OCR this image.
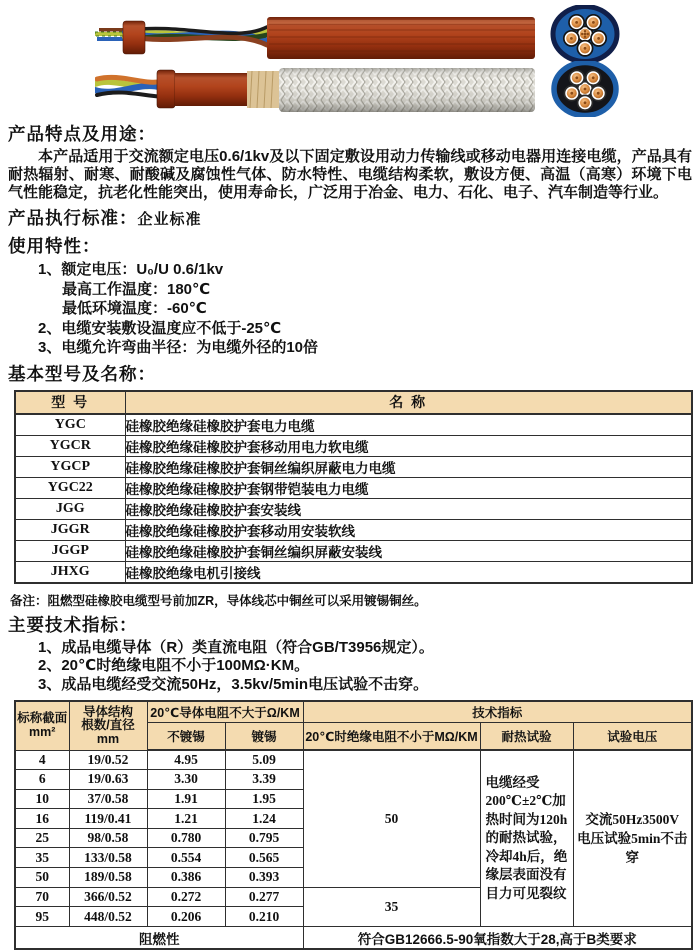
产品特点及用途：
本产品适用于交流额定电压0.6/1kv及以下固定敷设用动力传输线或移动电器用连接电缆，产品具有耐热辐射、耐寒、耐酸碱及腐蚀性气体、防水特性、电缆结构柔软，敷设方便、高温（高寒）环境下电气性能稳定，抗老化性能突出，使用寿命长，广泛用于冶金、电力、石化、电子、汽车制造等行业。
产品执行标准：企业标准
使用特性：
1、额定电压：U₀/U 0.6/1kv
最高工作温度：180℃
最低环境温度：-60℃
2、电缆安装敷设温度应不低于-25℃
3、电缆允许弯曲半径：为电缆外径的10倍
基本型号及名称：
型 号	名 称
YGC	硅橡胶绝缘硅橡胶护套电力电缆
YGCR	硅橡胶绝缘硅橡胶护套移动用电力软电缆
YGCP	硅橡胶绝缘硅橡胶护套铜丝编织屏蔽电力电缆
YGC22	硅橡胶绝缘硅橡胶护套钢带铠装电力电缆
JGG	硅橡胶绝缘硅橡胶护套安装线
JGGR	硅橡胶绝缘硅橡胶护套移动用安装软线
JGGP	硅橡胶绝缘硅橡胶护套铜丝编织屏蔽安装线
JHXG	硅橡胶绝缘电机引接线
备注：阻燃型硅橡胶电缆型号前加ZR，导体线芯中铜丝可以采用镀锡铜丝。
主要技术指标：
1、成品电缆导体（R）类直流电阻（符合GB/T3956规定）。
2、20℃时绝缘电阻不小于100MΩ·KM。
3、成品电缆经受交流50Hz，3.5kv/5min电压试验不击穿。
标称截面
mm²	导体结构
根数/直径
mm	20℃导体电阻不大于Ω/KM		技术指标		
		不镀锡	镀锡	20℃时绝缘电阻不小于MΩ/KM	耐热试验	试验电压
4	19/0.52	4.95	5.09	50	电缆经受200℃±2℃加热时间为120h的耐热试验，冷却4h后，绝缘层表面没有目力可见裂纹	交流50Hz3500V
电压试验5min不击穿
6	19/0.63	3.30	3.39			
10	37/0.58	1.91	1.95			
16	119/0.41	1.21	1.24			
25	98/0.58	0.780	0.795			
35	133/0.58	0.554	0.565			
50	189/0.58	0.386	0.393			
70	366/0.52	0.272	0.277	35		
95	448/0.52	0.206	0.210			
阻燃性				符合GB12666.5-90氧指数大于28,高于B类要求		
